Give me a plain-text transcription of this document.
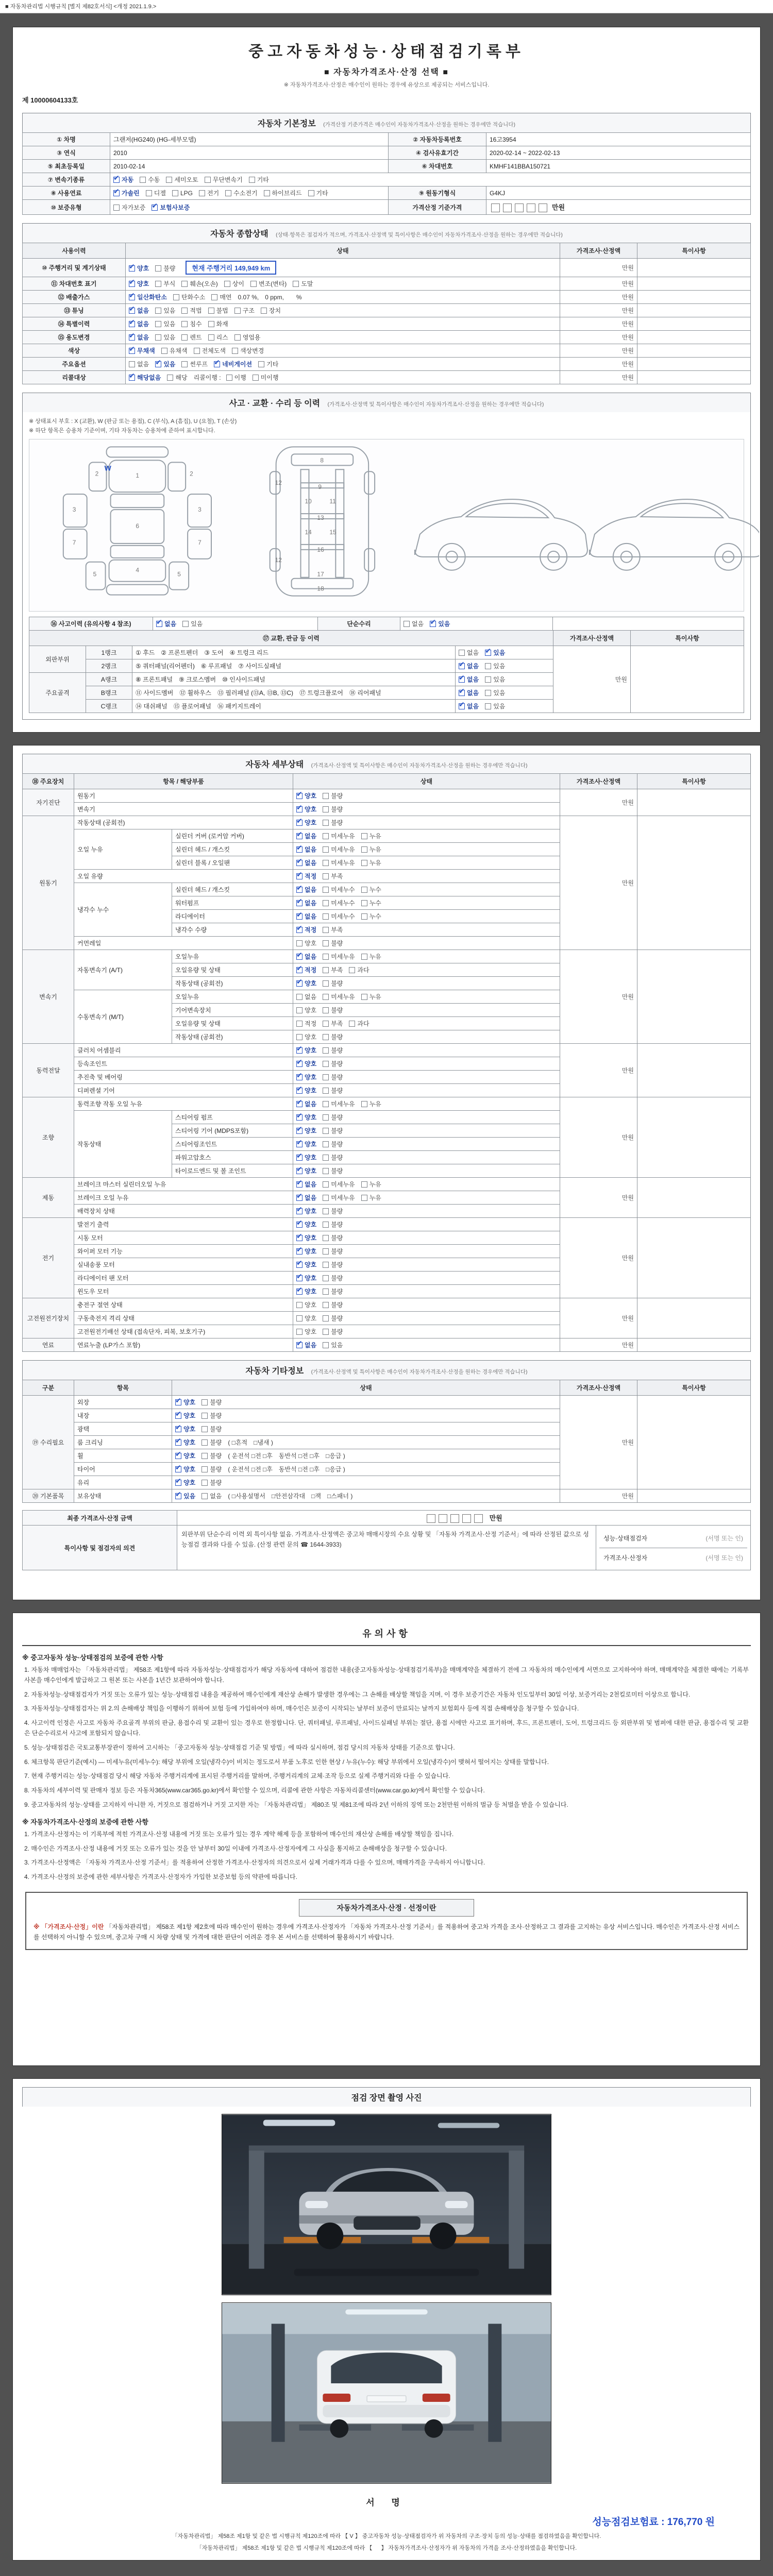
■ 자동차관리법 시행규칙 [별지 제82호서식] <개정 2021.1.9.>
중고자동차성능·상태점검기록부
■ 자동차가격조사·산정 선택 ■
※ 자동차가격조사·산정은 매수인이 원하는 경우에 유상으로 제공되는 서비스입니다.
제 10000604133호
자동차 기본정보 (가격산정 기준가격은 매수인이 자동차가격조사·산정을 원하는 경우에만 적습니다)
① 차명	그랜저(HG240) (HG-세부모델)	② 자동차등록번호	16고3954
③ 연식	2010	④ 검사유효기간	2020-02-14 ~ 2022-02-13
⑤ 최초등록일	2010-02-14	⑥ 차대번호	KMHF141BBA150721
⑦ 변속기종류	✔자동 수동 세미오토 무단변속기 기타
⑧ 사용연료	✔가솔린 디젤 LPG 전기 수소전기 하이브리드 기타	⑨ 원동기형식	G4KJ
⑩ 보증유형	자가보증 ✔ 보험사보증	가격산정 기준가격	만원
자동차 종합상태 (상태·항목은 점검자가 적으며, 가격조사·산정액 및 특이사항은 매수인이 자동차가격조사·산정을 원하는 경우에만 적습니다)
사용이력	상태	가격조사·산정액	특이사항
⑩ 주행거리 및 계기상태	✔양호 불량 현재 주행거리 149,949 km	만원	
⑪ 차대번호 표기	✔양호 부식 훼손(오손) 상이 변조(변타) 도말	만원	
⑫ 배출가스	✔일산화탄소 탄화수소 매연 0.07 %,　0 ppm,　　%	만원	
⑬ 튜닝	✔없음 있음 적법 불법 구조 장치	만원	
⑭ 특별이력	✔없음 있음 침수 화재	만원	
⑮ 용도변경	✔없음 있음 렌트 리스 영업용	만원	
색상	✔무채색 유채색 전체도색 색상변경	만원	
주요옵션	없음 ✔ 있음 썬루프 ✔ 네비게이션 기타	만원	
리콜대상	✔해당없음 해당 리콜이행 : 이행 미이행	만원	
사고 · 교환 · 수리 등 이력 (가격조사·산정액 및 특이사항은 매수인이 자동차가격조사·산정을 원하는 경우에만 적습니다)
※ 상태표시 부호 : X (교환), W (판금 또는 용접), C (부식), A (흠집), U (요철), T (손상)
※ 하단 항목은 승용차 기준이며, 기타 자동차는 승용차에 준하여 표시합니다.
1
2	2
3	3
4
5	5
6
7	7
8
9
10	11
12
12
13
14	15
16
17
18
W
⑯ 사고이력 (유의사항 4 참조)	✔없음 있음	단순수리	없음 ✔ 있음	
⑰ 교환, 판금 등 이력				가격조사·산정액	특이사항
외판부위	1랭크	① 후드　② 프론트펜더　③ 도어　④ 트렁크 리드	없음 ✔ 있음	만원	
	2랭크	⑤ 쿼터패널(리어펜더)　⑥ 루프패널　⑦ 사이드실패널	✔없음 있음
주요골격	A랭크	⑧ 프론트패널　⑨ 크로스멤버　⑩ 인사이드패널	✔없음 있음
	B랭크	⑪ 사이드멤버　⑫ 휠하우스　⑬ 필러패널 (⑬A, ⑬B, ⑬C)　⑰ 트렁크플로어　⑱ 리어패널	✔없음 있음
	C랭크	⑭ 대쉬패널　⑮ 플로어패널　⑯ 패키지트레이	✔없음 있음
자동차 세부상태 (가격조사·산정액 및 특이사항은 매수인이 자동차가격조사·산정을 원하는 경우에만 적습니다)
⑱ 주요장치	항목 / 해당부품		상태	가격조사·산정액	특이사항
자기진단	원동기	✔양호 불량	만원	
	변속기	✔양호 불량
원동기	작동상태 (공회전)	✔양호 불량	만원	
	오일 누유	실린더 커버 (로커암 커버)	✔없음 미세누유 누유
		실린더 헤드 / 개스킷	✔없음 미세누유 누유
		실린더 블록 / 오일팬	✔없음 미세누유 누유
	오일 유량	✔적정 부족
	냉각수 누수	실린더 헤드 / 개스킷	✔없음 미세누수 누수
		워터펌프	✔없음 미세누수 누수
		라디에이터	✔없음 미세누수 누수
		냉각수 수량	✔적정 부족
	커먼레일		양호 불량		
변속기	자동변속기 (A/T)	오일누유	✔없음 미세누유 누유	만원	
		오일유량 및 상태	✔적정 부족 과다
		작동상태 (공회전)	✔양호 불량
	수동변속기 (M/T)	오일누유	없음 미세누유 누유		
		기어변속장치	양호 불량		
		오일유량 및 상태	적정 부족 과다		
		작동상태 (공회전)	양호 불량		
동력전달	클러치 어셈블리	✔양호 불량	만원	
	등속조인트	✔양호 불량
	추진축 및 베어링	✔양호 불량
	디퍼렌셜 기어	✔양호 불량
조향	동력조향 작동 오일 누유	✔없음 미세누유 누유	만원	
	작동상태	스티어링 펌프	✔양호 불량
		스티어링 기어 (MDPS포함)	✔양호 불량
		스티어링조인트	✔양호 불량
		파워고압호스	✔양호 불량
		타이로드엔드 및 볼 조인트	✔양호 불량
제동	브레이크 마스터 실린더오일 누유	✔없음 미세누유 누유	만원	
	브레이크 오일 누유	✔없음 미세누유 누유
	배력장치 상태	✔양호 불량
전기	발전기 출력	✔양호 불량	만원	
	시동 모터	✔양호 불량
	와이퍼 모터 기능	✔양호 불량
	실내송풍 모터	✔양호 불량
	라디에이터 팬 모터	✔양호 불량
	윈도우 모터	✔양호 불량
고전원전기장치	충전구 절연 상태		양호 불량	만원	
	구동축전지 격리 상태		양호 불량		
	고전원전기배선 상태 (접속단자, 피복, 보호기구)		양호 불량		
연료	연료누출 (LP가스 포함)	✔없음 있음	만원	
자동차 기타정보 (가격조사·산정액 및 특이사항은 매수인이 자동차가격조사·산정을 원하는 경우에만 적습니다)
구분	항목	상태	가격조사·산정액	특이사항
⑲ 수리필요	외장	✔양호 불량	만원	
	내장	✔양호 불량
	광택	✔양호 불량
	룸 크리닝	✔양호 불량 ( □흔적　□냄새 )
	휠	✔양호 불량 ( 운전석 □전 □후　동반석 □전 □후　□응급 )
	타이어	✔양호 불량 ( 운전석 □전 □후　동반석 □전 □후　□응급 )
	유리	✔양호 불량
⑳ 기본품목	보유상태	✔있음 없음 ( □사용설명서　□안전삼각대　□잭　□스패너 )	만원	
최종 가격조사·산정 금액	만원	
특이사항 및 점검자의 의견	외판부위 단순수리 이력 외 특이사항 없음. 가격조사·산정액은 중고차 매매시장의 수요 상황 및 「자동차 가격조사·산정 기준서」에 따라 산정된 값으로 성능점검 결과와 다를 수 있음. (산정 관련 문의 ☎ 1644-3933)	성능·상태점검자 (서명 또는 인)
가격조사·산정자 (서명 또는 인)
유의사항
※ 중고자동차 성능·상태점검의 보증에 관한 사항

1. 자동차 매매업자는 「자동차관리법」 제58조 제1항에 따라 자동차성능·상태점검자가 해당 자동차에 대하여 점검한 내용(중고자동차성능·상태점검기록부)을 매매계약을 체결하기 전에 그 자동차의 매수인에게 서면으로 고지하여야 하며, 매매계약을 체결한 때에는 기록부 사본을 매수인에게 발급하고 그 원본 또는 사본을 1년간 보관하여야 합니다.

2. 자동차성능·상태점검자가 거짓 또는 오류가 있는 성능·상태점검 내용을 제공하여 매수인에게 재산상 손해가 발생한 경우에는 그 손해를 배상할 책임을 지며, 이 경우 보증기간은 자동차 인도일부터 30일 이상, 보증거리는 2천킬로미터 이상으로 합니다.

3. 자동차성능·상태점검자는 위 2.의 손해배상 책임을 이행하기 위하여 보험 등에 가입하여야 하며, 매수인은 보증이 시작되는 날부터 보증이 만료되는 날까지 보험회사 등에 직접 손해배상을 청구할 수 있습니다.

4. 사고이력 인정은 사고로 자동차 주요골격 부위의 판금, 용접수리 및 교환이 있는 경우로 한정합니다. 단, 쿼터패널, 루프패널, 사이드실패널 부위는 절단, 용접 시에만 사고로 표기하며, 후드, 프론트펜더, 도어, 트렁크리드 등 외판부위 및 범퍼에 대한 판금, 용접수리 및 교환은 단순수리로서 사고에 포함되지 않습니다.

5. 성능·상태점검은 국토교통부장관이 정하여 고시하는 「중고자동차 성능·상태점검 기준 및 방법」에 따라 실시하며, 점검 당시의 자동차 상태를 기준으로 합니다.

6. 체크항목 판단기준(예시) ― 미세누유(미세누수): 해당 부위에 오일(냉각수)이 비치는 정도로서 부품 노후로 인한 현상 / 누유(누수): 해당 부위에서 오일(냉각수)이 맺혀서 떨어지는 상태를 말합니다.

7. 현재 주행거리는 성능·상태점검 당시 해당 자동차 주행거리계에 표시된 주행거리를 말하며, 주행거리계의 교체·조작 등으로 실제 주행거리와 다를 수 있습니다.

8. 자동차의 세부이력 및 판매자 정보 등은 자동차365(www.car365.go.kr)에서 확인할 수 있으며, 리콜에 관한 사항은 자동차리콜센터(www.car.go.kr)에서 확인할 수 있습니다.

9. 중고자동차의 성능·상태를 고지하지 아니한 자, 거짓으로 점검하거나 거짓 고지한 자는 「자동차관리법」 제80조 및 제81조에 따라 2년 이하의 징역 또는 2천만원 이하의 벌금 등 처벌을 받을 수 있습니다.

※ 자동차가격조사·산정의 보증에 관한 사항

1. 가격조사·산정자는 이 기록부에 적힌 가격조사·산정 내용에 거짓 또는 오류가 있는 경우 계약 해제 등을 포함하여 매수인의 재산상 손해를 배상할 책임을 집니다.

2. 매수인은 가격조사·산정 내용에 거짓 또는 오류가 있는 것을 안 날부터 30일 이내에 가격조사·산정자에게 그 사실을 통지하고 손해배상을 청구할 수 있습니다.

3. 가격조사·산정액은 「자동차 가격조사·산정 기준서」를 적용하여 산정한 가격조사·산정자의 의견으로서 실제 거래가격과 다를 수 있으며, 매매가격을 구속하지 아니합니다.

4. 가격조사·산정의 보증에 관한 세부사항은 가격조사·산정자가 가입한 보증보험 등의 약관에 따릅니다.

자동차가격조사·산정 · 선정이란

※ 「가격조사·산정」이란 「자동차관리법」 제58조 제1항 제2호에 따라 매수인이 원하는 경우에 가격조사·산정자가 「자동차 가격조사·산정 기준서」를 적용하여 중고차 가격을 조사·산정하고 그 결과를 고지하는 유상 서비스입니다. 매수인은 가격조사·산정 서비스를 선택하지 아니할 수 있으며, 중고차 구매 시 차량 상태 및 가격에 대한 판단이 어려운 경우 본 서비스를 선택하여 활용하시기 바랍니다.

점검 장면 촬영 사진
서 명
성능점검보험료 : 176,770 원
「자동차관리법」 제58조 제1항 및 같은 법 시행규칙 제120조에 따라 【 V 】 중고자동차 성능·상태점검자가 위 자동차의 구조·장치 등의 성능·상태를 점검하였음을 확인합니다.
「자동차관리법」 제58조 제1항 및 같은 법 시행규칙 제120조에 따라 【 　 】 자동차가격조사·산정자가 위 자동차의 가격을 조사·산정하였음을 확인합니다.
